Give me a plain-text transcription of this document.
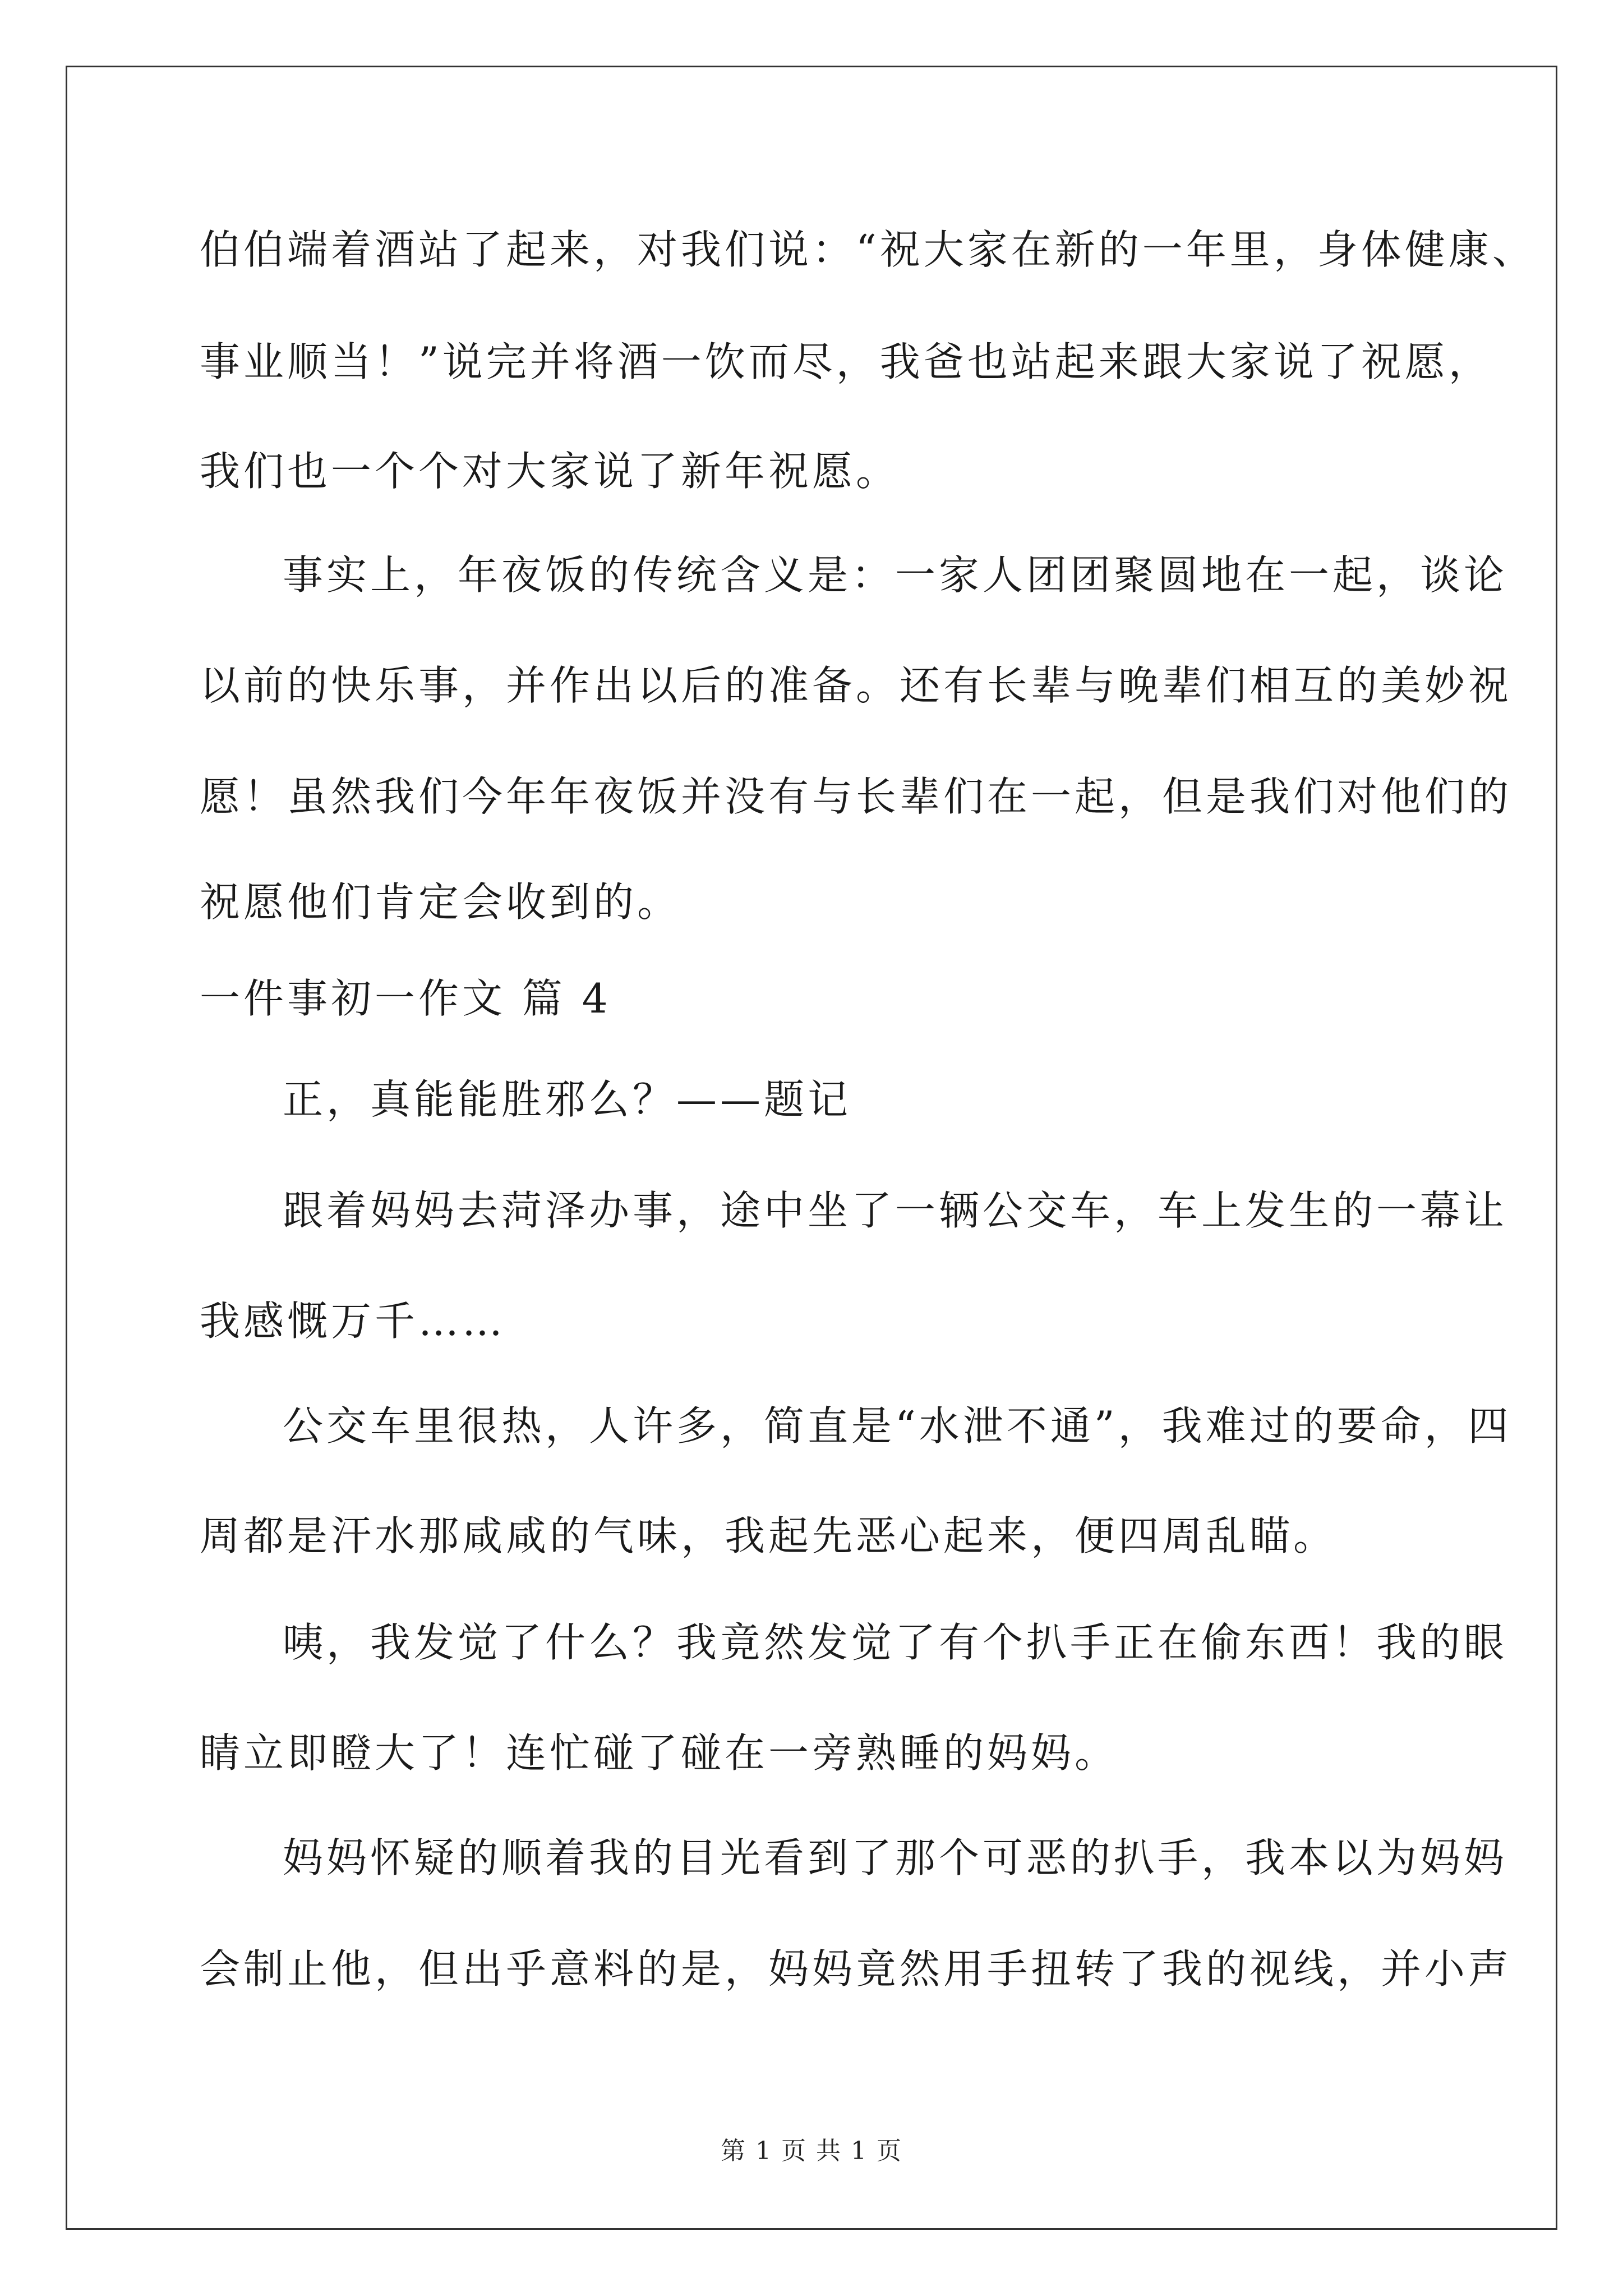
伯伯端着酒站了起来，对我们说：“祝大家在新的一年里，身体健康、
事业顺当！”说完并将酒一饮而尽，我爸也站起来跟大家说了祝愿，
我们也一个个对大家说了新年祝愿。
事实上，年夜饭的传统含义是：一家人团团聚圆地在一起，谈论
以前的快乐事，并作出以后的准备。还有长辈与晚辈们相互的美妙祝
愿！虽然我们今年年夜饭并没有与长辈们在一起，但是我们对他们的
祝愿他们肯定会收到的。
一件事初一作文 篇 4
正，真能能胜邪么？——题记
跟着妈妈去菏泽办事，途中坐了一辆公交车，车上发生的一幕让
我感慨万千……
公交车里很热，人许多，简直是“水泄不通”，我难过的要命，四
周都是汗水那咸咸的气味，我起先恶心起来，便四周乱瞄。
咦，我发觉了什么？我竟然发觉了有个扒手正在偷东西！我的眼
睛立即瞪大了！连忙碰了碰在一旁熟睡的妈妈。
妈妈怀疑的顺着我的目光看到了那个可恶的扒手，我本以为妈妈
会制止他，但出乎意料的是，妈妈竟然用手扭转了我的视线，并小声
第 1 页 共 1 页
